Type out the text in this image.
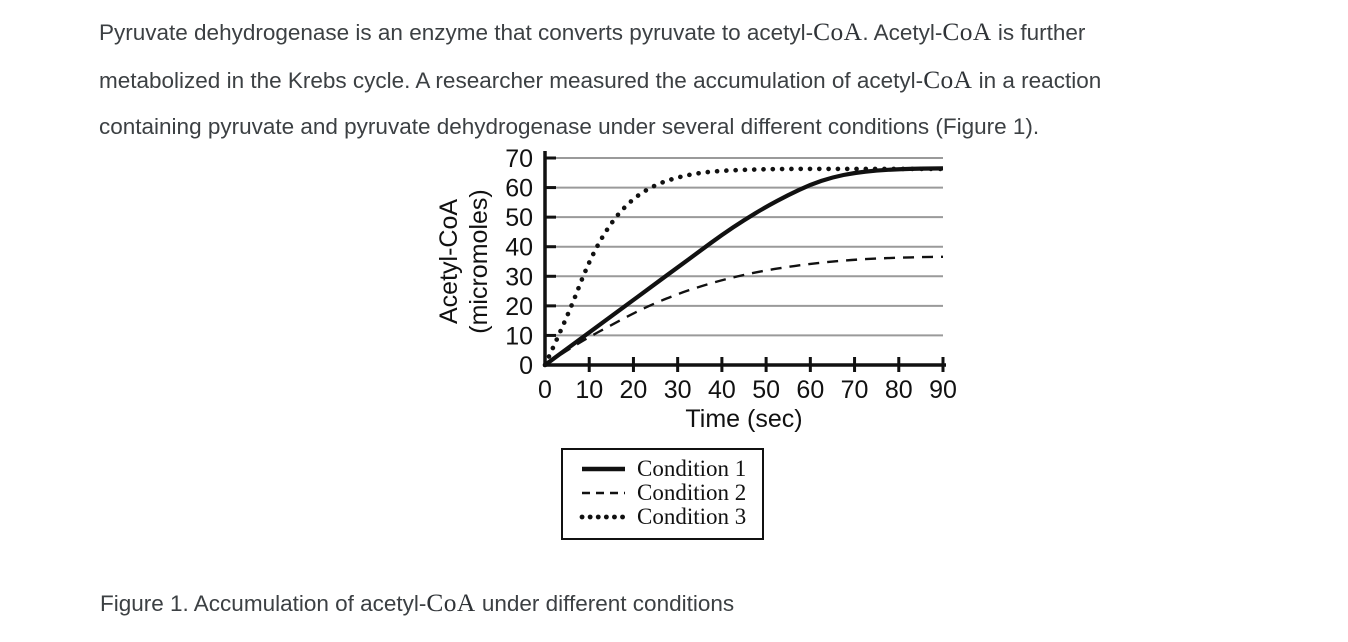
Pyruvate dehydrogenase is an enzyme that converts pyruvate to acetyl-CoA. Acetyl-CoA is further
metabolized in the Krebs cycle. A researcher measured the accumulation of acetyl-CoA in a reaction
containing pyruvate and pyruvate dehydrogenase under several different conditions (Figure 1).
0
10
20
30
40
50
60
70
0 10 20 30 40 50 60 70 80 90
Time (sec)
Acetyl-CoA (micromoles)
Condition 1
Condition 2
Condition 3
Figure 1. Accumulation of acetyl-CoA under different conditions
